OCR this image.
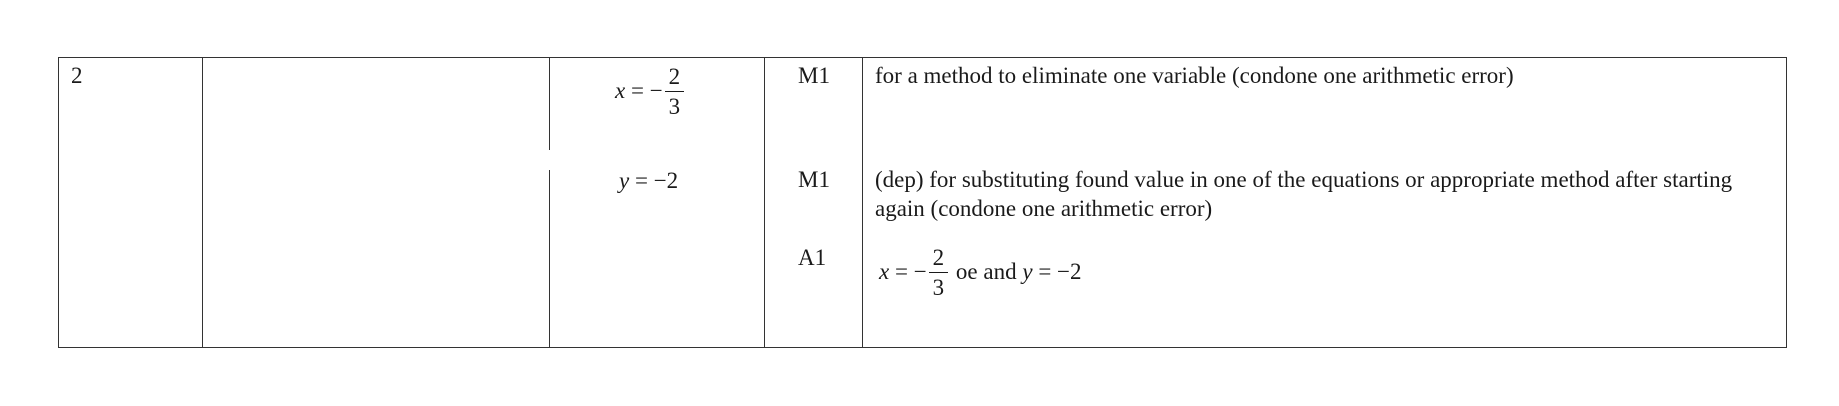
2
x = − $\frac{2}{3}$
y = −2
M1
M1
A1
for a method to eliminate one variable (condone one arithmetic error)
(dep) for substituting found value in one of the equations or appropriate method after starting again (condone one arithmetic error)
x = − $\frac{2}{3}$ oe and y = −2
